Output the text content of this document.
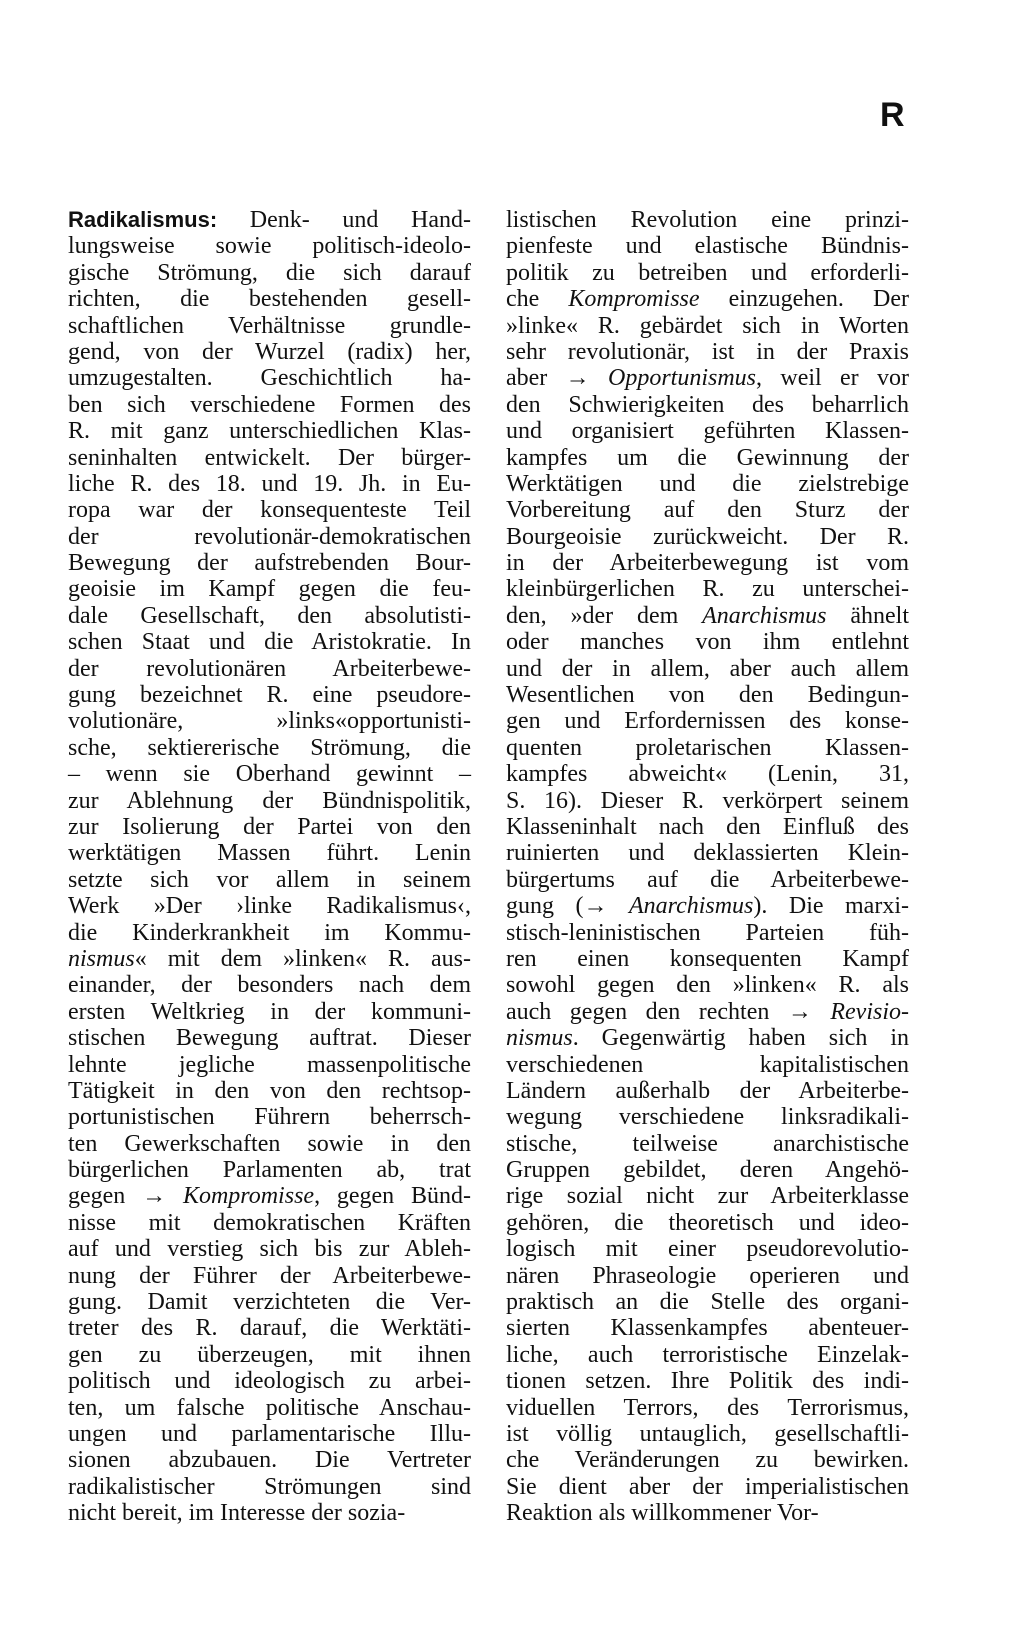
R
Radikalismus: Denk- und Hand-
lungsweise sowie politisch-ideolo-
gische Strömung, die sich darauf
richten, die bestehenden gesell-
schaftlichen Verhältnisse grundle-
gend, von der Wurzel (radix) her,
umzugestalten. Geschichtlich ha-
ben sich verschiedene Formen des
R. mit ganz unterschiedlichen Klas-
seninhalten entwickelt. Der bürger-
liche R. des 18. und 19. Jh. in Eu-
ropa war der konsequenteste Teil
der revolutionär-demokratischen
Bewegung der aufstrebenden Bour-
geoisie im Kampf gegen die feu-
dale Gesellschaft, den absolutisti-
schen Staat und die Aristokratie. In
der revolutionären Arbeiterbewe-
gung bezeichnet R. eine pseudore-
volutionäre, »links«opportunisti-
sche, sektiererische Strömung, die
– wenn sie Oberhand gewinnt –
zur Ablehnung der Bündnispolitik,
zur Isolierung der Partei von den
werktätigen Massen führt. Lenin
setzte sich vor allem in seinem
Werk »Der ›linke Radikalismus‹,
die Kinderkrankheit im Kommu-
nismus« mit dem »linken« R. aus-
einander, der besonders nach dem
ersten Weltkrieg in der kommuni-
stischen Bewegung auftrat. Dieser
lehnte jegliche massenpolitische
Tätigkeit in den von den rechtsop-
portunistischen Führern beherrsch-
ten Gewerkschaften sowie in den
bürgerlichen Parlamenten ab, trat
gegen → Kompromisse, gegen Bünd-
nisse mit demokratischen Kräften
auf und verstieg sich bis zur Ableh-
nung der Führer der Arbeiterbewe-
gung. Damit verzichteten die Ver-
treter des R. darauf, die Werktäti-
gen zu überzeugen, mit ihnen
politisch und ideologisch zu arbei-
ten, um falsche politische Anschau-
ungen und parlamentarische Illu-
sionen abzubauen. Die Vertreter
radikalistischer Strömungen sind
nicht bereit, im Interesse der sozia-
listischen Revolution eine prinzi-
pienfeste und elastische Bündnis-
politik zu betreiben und erforderli-
che Kompromisse einzugehen. Der
»linke« R. gebärdet sich in Worten
sehr revolutionär, ist in der Praxis
aber → Opportunismus, weil er vor
den Schwierigkeiten des beharrlich
und organisiert geführten Klassen-
kampfes um die Gewinnung der
Werktätigen und die zielstrebige
Vorbereitung auf den Sturz der
Bourgeoisie zurückweicht. Der R.
in der Arbeiterbewegung ist vom
kleinbürgerlichen R. zu unterschei-
den, »der dem Anarchismus ähnelt
oder manches von ihm entlehnt
und der in allem, aber auch allem
Wesentlichen von den Bedingun-
gen und Erfordernissen des konse-
quenten proletarischen Klassen-
kampfes abweicht« (Lenin, 31,
S. 16). Dieser R. verkörpert seinem
Klasseninhalt nach den Einfluß des
ruinierten und deklassierten Klein-
bürgertums auf die Arbeiterbewe-
gung (→ Anarchismus). Die marxi-
stisch-leninistischen Parteien füh-
ren einen konsequenten Kampf
sowohl gegen den »linken« R. als
auch gegen den rechten → Revisio-
nismus. Gegenwärtig haben sich in
verschiedenen kapitalistischen
Ländern außerhalb der Arbeiterbe-
wegung verschiedene linksradikali-
stische, teilweise anarchistische
Gruppen gebildet, deren Angehö-
rige sozial nicht zur Arbeiterklasse
gehören, die theoretisch und ideo-
logisch mit einer pseudorevolutio-
nären Phraseologie operieren und
praktisch an die Stelle des organi-
sierten Klassenkampfes abenteuer-
liche, auch terroristische Einzelak-
tionen setzen. Ihre Politik des indi-
viduellen Terrors, des Terrorismus,
ist völlig untauglich, gesellschaftli-
che Veränderungen zu bewirken.
Sie dient aber der imperialistischen
Reaktion als willkommener Vor-
